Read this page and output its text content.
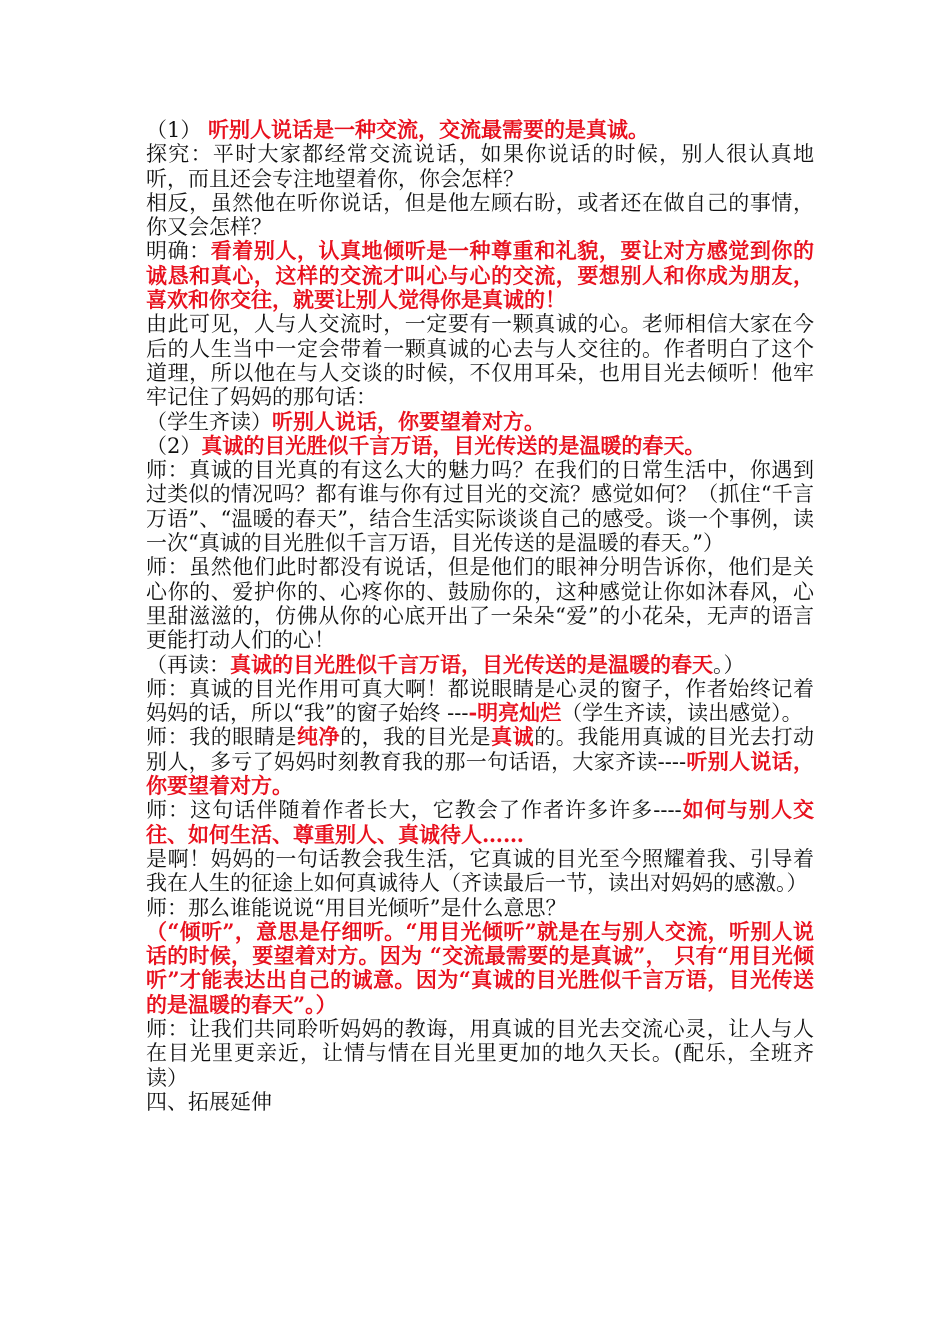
（1） 听别人说话是一种交流，交流最需要的是真诚。

探究：平时大家都经常交流说话，如果你说话的时候，别人很认真地听，而且还会专注地望着你，你会怎样？

相反，虽然他在听你说话，但是他左顾右盼，或者还在做自己的事情，你又会怎样？

明确：看着别人，认真地倾听是一种尊重和礼貌，要让对方感觉到你的诚恳和真心，这样的交流才叫心与心的交流，要想别人和你成为朋友，喜欢和你交往，就要让别人觉得你是真诚的！

由此可见，人与人交流时，一定要有一颗真诚的心。老师相信大家在今后的人生当中一定会带着一颗真诚的心去与人交往的。作者明白了这个道理，所以他在与人交谈的时候，不仅用耳朵，也用目光去倾听！他牢牢记住了妈妈的那句话：

（学生齐读）听别人说话，你要望着对方。

（2）真诚的目光胜似千言万语，目光传送的是温暖的春天。

师：真诚的目光真的有这么大的魅力吗？在我们的日常生活中，你遇到过类似的情况吗？都有谁与你有过目光的交流？感觉如何？（抓住“千言万语”、“温暖的春天”，结合生活实际谈谈自己的感受。谈一个事例，读一次“真诚的目光胜似千言万语，目光传送的是温暖的春天。”）

师：虽然他们此时都没有说话，但是他们的眼神分明告诉你，他们是关心你的、爱护你的、心疼你的、鼓励你的，这种感觉让你如沐春风，心里甜滋滋的，仿佛从你的心底开出了一朵朵“爱”的小花朵，无声的语言更能打动人们的心！

（再读：真诚的目光胜似千言万语，目光传送的是温暖的春天。）

师：真诚的目光作用可真大啊！都说眼睛是心灵的窗子，作者始终记着妈妈的话，所以“我”的窗子始终 ----明亮灿烂（学生齐读，读出感觉）。

师：我的眼睛是纯净的，我的目光是真诚的。我能用真诚的目光去打动别人，多亏了妈妈时刻教育我的那一句话语，大家齐读----听别人说话，你要望着对方。

师：这句话伴随着作者长大，它教会了作者许多许多----如何与别人交往、如何生活、尊重别人、真诚待人……

是啊！妈妈的一句话教会我生活，它真诚的目光至今照耀着我、引导着我在人生的征途上如何真诚待人（齐读最后一节，读出对妈妈的感激。）

师：那么谁能说说“用目光倾听”是什么意思？

（“倾听”，意思是仔细听。“用目光倾听”就是在与别人交流，听别人说话的时候，要望着对方。因为 “交流最需要的是真诚”， 只有“用目光倾听”才能表达出自己的诚意。因为“真诚的目光胜似千言万语，目光传送的是温暖的春天”。）

师：让我们共同聆听妈妈的教诲，用真诚的目光去交流心灵，让人与人在目光里更亲近，让情与情在目光里更加的地久天长。(配乐，全班齐读）

四、拓展延伸
